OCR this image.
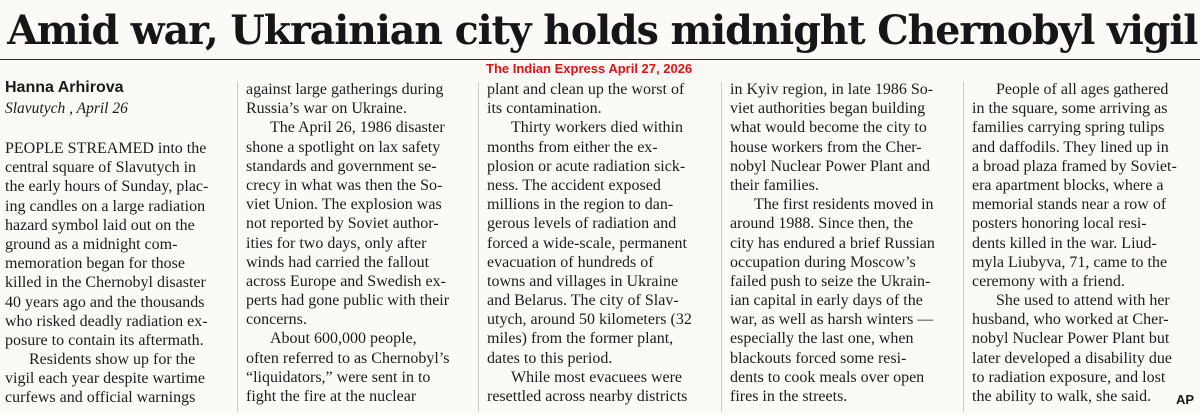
Amid war, Ukrainian city holds midnight Chernobyl vigil
Hanna Arhirova
Slavutych , April 26
The Indian Express April 27, 2026
PEOPLE STREAMED into the
central square of Slavutych in
the early hours of Sunday, plac-
ing candles on a large radiation
hazard symbol laid out on the
ground as a midnight com-
memoration began for those
killed in the Chernobyl disaster
40 years ago and the thousands
who risked deadly radiation ex-
posure to contain its aftermath.
  Residents show up for the
vigil each year despite wartime
curfews and official warnings
against large gatherings during
Russia’s war on Ukraine.
  The April 26, 1986 disaster
shone a spotlight on lax safety
standards and government se-
crecy in what was then the So-
viet Union. The explosion was
not reported by Soviet author-
ities for two days, only after
winds had carried the fallout
across Europe and Swedish ex-
perts had gone public with their
concerns.
  About 600,000 people,
often referred to as Chernobyl’s
“liquidators,” were sent in to
fight the fire at the nuclear
plant and clean up the worst of
its contamination.
  Thirty workers died within
months from either the ex-
plosion or acute radiation sick-
ness. The accident exposed
millions in the region to dan-
gerous levels of radiation and
forced a wide-scale, permanent
evacuation of hundreds of
towns and villages in Ukraine
and Belarus. The city of Slav-
utych, around 50 kilometers (32
miles) from the former plant,
dates to this period.
  While most evacuees were
resettled across nearby districts
in Kyiv region, in late 1986 So-
viet authorities began building
what would become the city to
house workers from the Cher-
nobyl Nuclear Power Plant and
their families.
  The first residents moved in
around 1988. Since then, the
city has endured a brief Russian
occupation during Moscow’s
failed push to seize the Ukrain-
ian capital in early days of the
war, as well as harsh winters —
especially the last one, when
blackouts forced some resi-
dents to cook meals over open
fires in the streets.
  People of all ages gathered
in the square, some arriving as
families carrying spring tulips
and daffodils. They lined up in
a broad plaza framed by Soviet-
era apartment blocks, where a
memorial stands near a row of
posters honoring local resi-
dents killed in the war. Liud-
myla Liubyva, 71, came to the
ceremony with a friend.
  She used to attend with her
husband, who worked at Cher-
nobyl Nuclear Power Plant but
later developed a disability due
to radiation exposure, and lost
the ability to walk, she said.	AP
